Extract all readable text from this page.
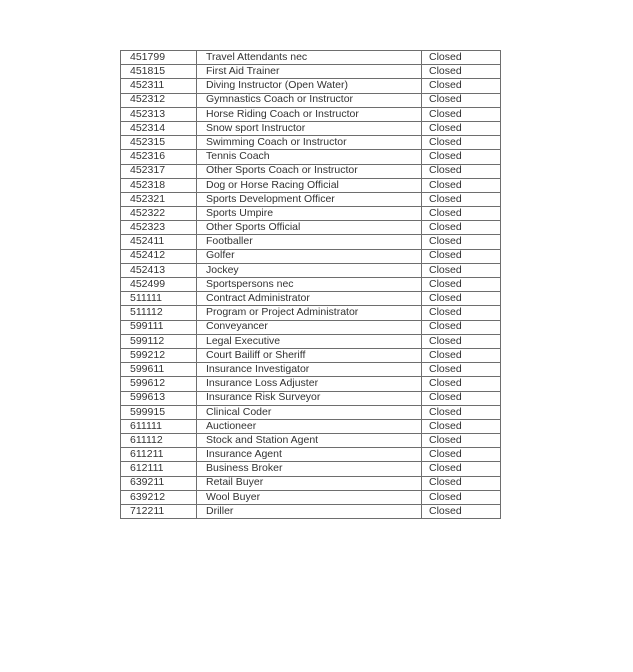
451799	Travel Attendants nec	Closed
451815	First Aid Trainer	Closed
452311	Diving Instructor (Open Water)	Closed
452312	Gymnastics Coach or Instructor	Closed
452313	Horse Riding Coach or Instructor	Closed
452314	Snow sport Instructor	Closed
452315	Swimming Coach or Instructor	Closed
452316	Tennis Coach	Closed
452317	Other Sports Coach or Instructor	Closed
452318	Dog or Horse Racing Official	Closed
452321	Sports Development Officer	Closed
452322	Sports Umpire	Closed
452323	Other Sports Official	Closed
452411	Footballer	Closed
452412	Golfer	Closed
452413	Jockey	Closed
452499	Sportspersons nec	Closed
511111	Contract Administrator	Closed
511112	Program or Project Administrator	Closed
599111	Conveyancer	Closed
599112	Legal Executive	Closed
599212	Court Bailiff or Sheriff	Closed
599611	Insurance Investigator	Closed
599612	Insurance Loss Adjuster	Closed
599613	Insurance Risk Surveyor	Closed
599915	Clinical Coder	Closed
611111	Auctioneer	Closed
611112	Stock and Station Agent	Closed
611211	Insurance Agent	Closed
612111	Business Broker	Closed
639211	Retail Buyer	Closed
639212	Wool Buyer	Closed
712211	Driller	Closed
